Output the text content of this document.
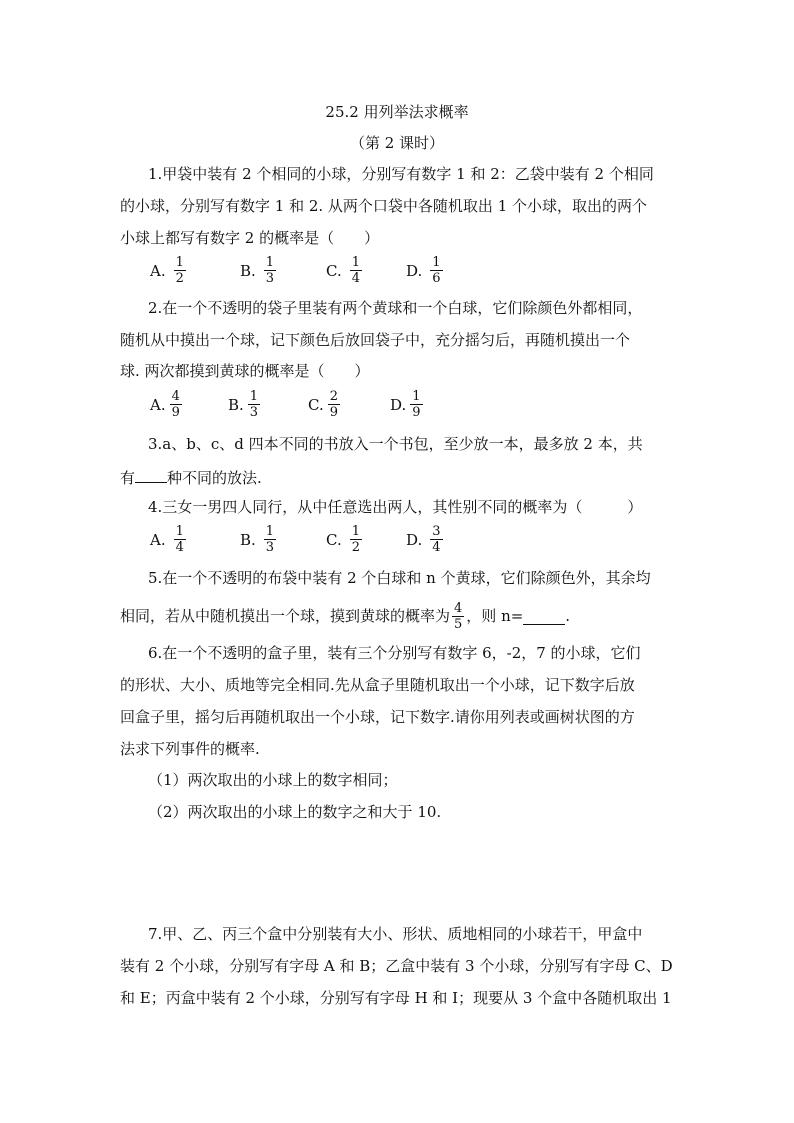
25.2 用列举法求概率
（第 2 课时）
1.甲袋中装有 2 个相同的小球，分别写有数字 1 和 2：乙袋中装有 2 个相同
的小球，分别写有数字 1 和 2. 从两个口袋中各随机取出 1 个小球，取出的两个
小球上都写有数字 2 的概率是（　　）
A. $\frac{1}{2}$	B. $\frac{1}{3}$	C. $\frac{1}{4}$	D. $\frac{1}{6}$
2.在一个不透明的袋子里装有两个黄球和一个白球，它们除颜色外都相同，
随机从中摸出一个球，记下颜色后放回袋子中，充分摇匀后，再随机摸出一个
球. 两次都摸到黄球的概率是（　　）
A. $\frac{4}{9}$	B. $\frac{1}{3}$	C. $\frac{2}{9}$	D. $\frac{1}{9}$
3.a、b、c、d 四本不同的书放入一个书包，至少放一本，最多放 2 本，共
有 种不同的放法.
4.三女一男四人同行，从中任意选出两人，其性别不同的概率为（　　　）
A. $\frac{1}{4}$	B. $\frac{1}{3}$	C. $\frac{1}{2}$	D. $\frac{3}{4}$
5.在一个不透明的布袋中装有 2 个白球和 n 个黄球，它们除颜色外，其余均
相同，若从中随机摸出一个球，摸到黄球的概率为 $\frac{4}{5}$ ，则 n=	.
6.在一个不透明的盒子里，装有三个分别写有数字 6，-2，7 的小球，它们
的形状、大小、质地等完全相同.先从盒子里随机取出一个小球，记下数字后放
回盒子里，摇匀后再随机取出一个小球，记下数字.请你用列表或画树状图的方
法求下列事件的概率.
（1）两次取出的小球上的数字相同；
（2）两次取出的小球上的数字之和大于 10.
7.甲、乙、丙三个盒中分别装有大小、形状、质地相同的小球若干，甲盒中
装有 2 个小球，分别写有字母 A 和 B；乙盒中装有 3 个小球，分别写有字母 C、D
和 E；丙盒中装有 2 个小球，分别写有字母 H 和 I；现要从 3 个盒中各随机取出 1
